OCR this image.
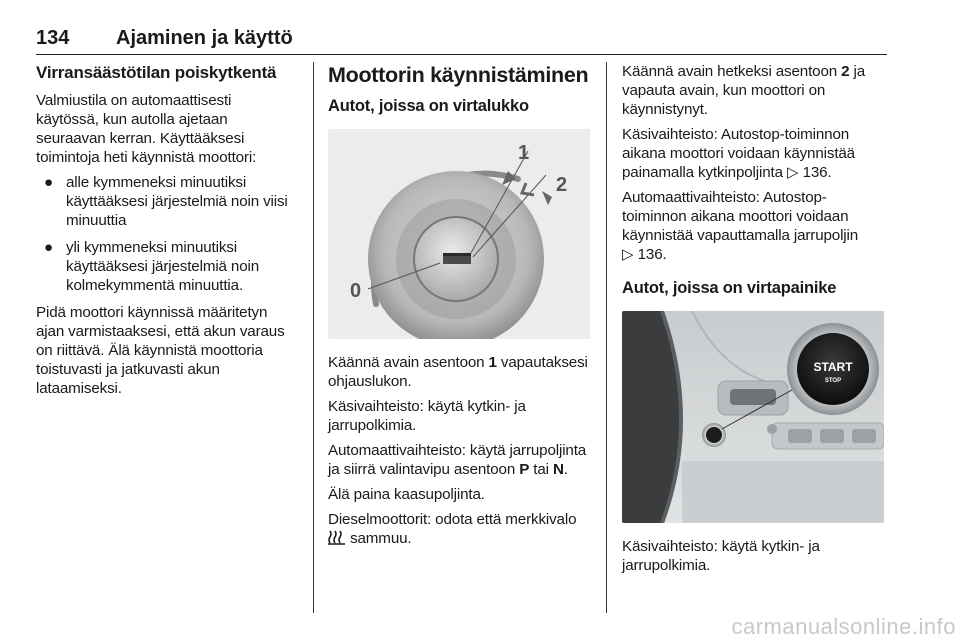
134 Ajaminen ja käyttö
Virransäästötilan poiskytkentä

Valmiustila on automaattisesti käytössä, kun autolla ajetaan seuraavan kerran. Käyttääksesi toimintoja heti käynnistä moottori:

● alle kymmeneksi minuutiksi käyttääksesi järjestelmiä noin viisi minuuttia
● yli kymmeneksi minuutiksi käyttääksesi järjestelmiä noin kolmekymmentä minuuttia.

Pidä moottori käynnissä määritetyn ajan varmistaaksesi, että akun varaus on riittävä. Älä käynnistä moottoria toistuvasti ja jatkuvasti akun lataamiseksi.

Moottorin käynnistäminen
Autot, joissa on virtalukko
0
1
2

Käännä avain asentoon 1 vapautaksesi ohjauslukon.

Käsivaihteisto: käytä kytkin- ja jarrupolkimia.

Automaattivaihteisto: käytä jarrupoljinta ja siirrä valintavipu asentoon P tai N.

Älä paina kaasupoljinta.

Dieselmoottorit: odota että merkkivalo  sammuu.

Käännä avain hetkeksi asentoon 2 ja vapauta avain, kun moottori on käynnistynyt.

Käsivaihteisto: Autostop-toiminnon aikana moottori voidaan käynnistää painamalla kytkinpoljinta ▷ 136.

Automaattivaihteisto: Autostop-toiminnon aikana moottori voidaan käynnistää vapauttamalla jarrupoljin
▷ 136.

Autot, joissa on virtapainike
START
STOP

Käsivaihteisto: käytä kytkin- ja jarrupolkimia.

carmanualsonline.info
